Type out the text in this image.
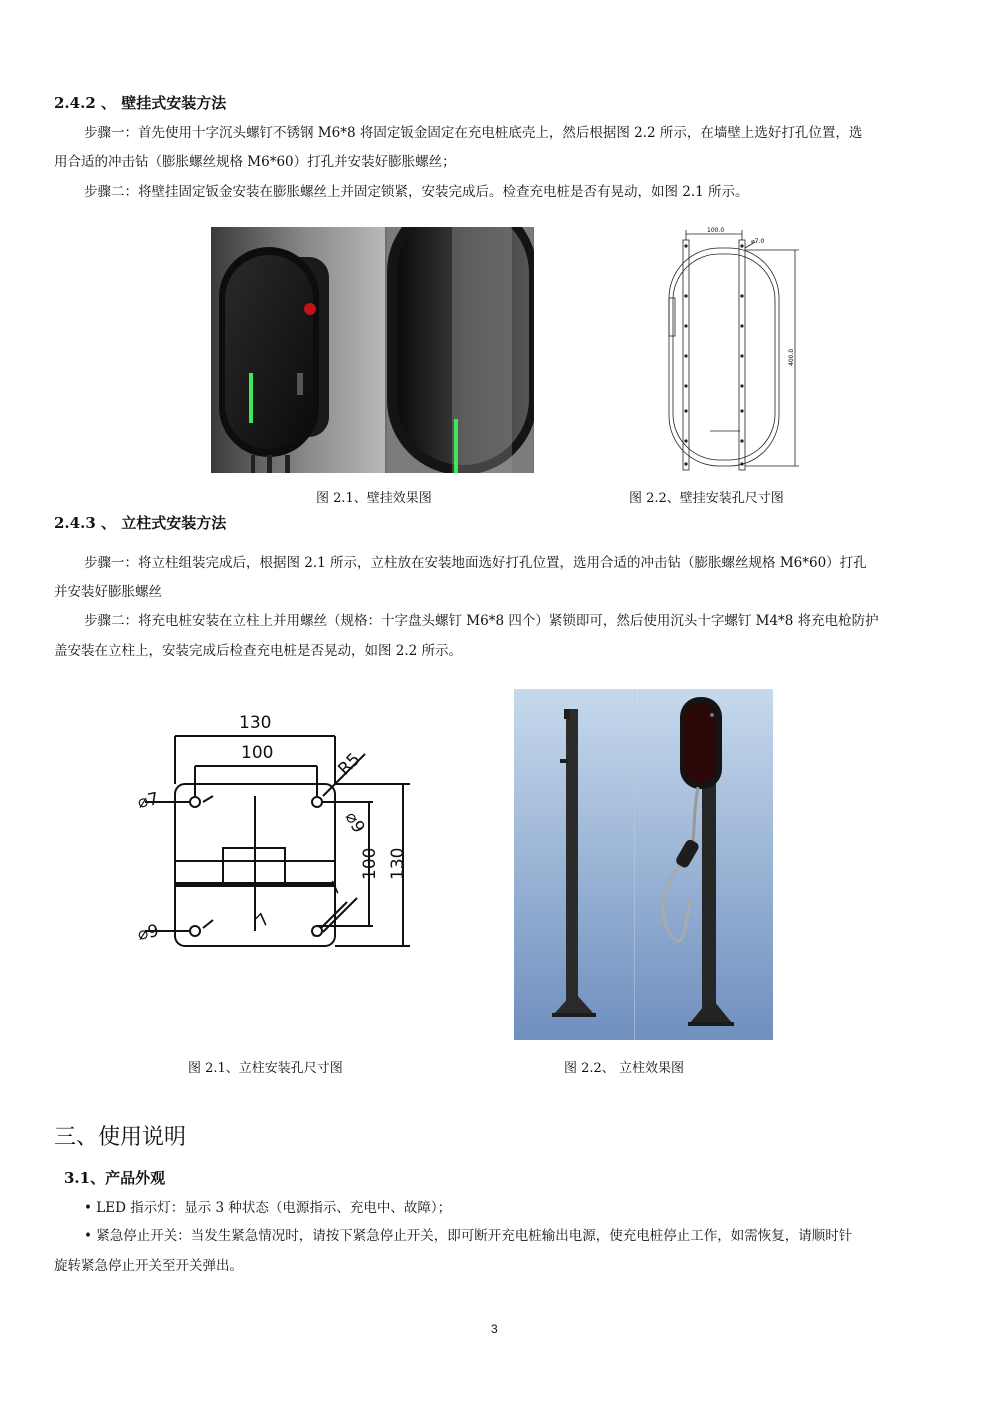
2.4.2 、 壁挂式安装方法
步骤一：首先使用十字沉头螺钉不锈钢 M6*8 将固定钣金固定在充电桩底壳上，然后根据图 2.2 所示，在墙壁上选好打孔位置，选
用合适的冲击钻（膨胀螺丝规格 M6*60）打孔并安装好膨胀螺丝；
步骤二：将壁挂固定钣金安装在膨胀螺丝上并固定锁紧，安装完成后。检查充电桩是否有晃动，如图 2.1 所示。
100.0
⌀7.0
400.0
图 2.1、壁挂效果图	图 2.2、壁挂安装孔尺寸图
2.4.3 、 立柱式安装方法
步骤一：将立柱组装完成后，根据图 2.1 所示，立柱放在安装地面选好打孔位置，选用合适的冲击钻（膨胀螺丝规格 M6*60）打孔
并安装好膨胀螺丝
步骤二：将充电桩安装在立柱上并用螺丝（规格：十字盘头螺钉 M6*8 四个）紧锁即可，然后使用沉头十字螺钉 M4*8 将充电枪防护
盖安装在立柱上，安装完成后检查充电桩是否晃动，如图 2.2 所示。
130
100	R5
⌀7
⌀9
⌀9
100 130
7
7
图 2.1、立柱安装孔尺寸图	图 2.2、 立柱效果图
三、使用说明
3.1、产品外观
• LED 指示灯：显示 3 种状态（电源指示、充电中、故障）；
• 紧急停止开关：当发生紧急情况时，请按下紧急停止开关，即可断开充电桩输出电源，使充电桩停止工作，如需恢复，请顺时针
旋转紧急停止开关至开关弹出。
3
